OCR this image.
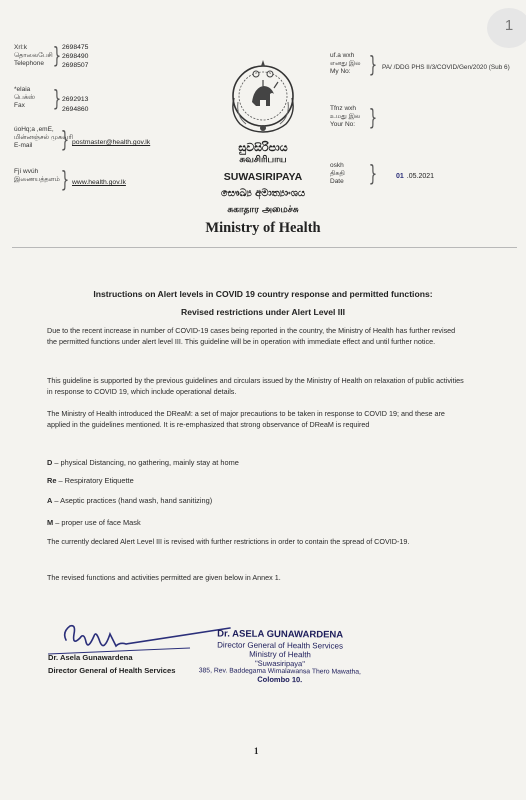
1
Xrl:k
தொலைபேசி
Telephone } 2698475
2698490
2698507
*elaia
பெக்ஸ்
Fax	} 2692913
2694860
úoHq;a ,emE,
மின்னஞ்சல் முகவரி
E-mail	} postmaster@health.gov.lk
Fjí wvúh
இணையத்தளம் } www.health.gov.lk
සුවසිරිපාය
சுவசிரிபாய
SUWASIRIPAYA
සෞඛ්‍ය අමාත්‍යාංශය
சுகாதார அமைச்சு
Ministry of Health
uf.a wxh
எனது இல
My No: } PA/ /DDG PHS II/3/COVID/Gen/2020 (Sub 6)
Tfnz wxh
உமது இல
Your No: }
oskh
திகதி
Date }	01 .05.2021
Instructions on Alert levels in COVID 19 country response and permitted functions:
Revised restrictions under Alert Level III
Due to the recent increase in number of COVID-19 cases being reported in the country, the Ministry of Health has further revised the permitted functions under alert level III. This guideline will be in operation with immediate effect and until further notice.
This guideline is supported by the previous guidelines and circulars issued by the Ministry of Health on relaxation of public activities in response to COVID 19, which include operational details.
The Ministry of Health introduced the DReaM: a set of major precautions to be taken in response to COVID 19; and these are applied in the guidelines mentioned. It is re-emphasized that strong observance of DReaM is required
D – physical Distancing, no gathering, mainly stay at home
Re – Respiratory Etiquette
A – Aseptic practices (hand wash, hand sanitizing)
M – proper use of face Mask
The currently declared Alert Level III is revised with further restrictions in order to contain the spread of COVID-19.
The revised functions and activities permitted are given below in Annex 1.
Dr. Asela Gunawardena
Director General of Health Services
Dr. ASELA GUNAWARDENA
Director General of Health Services
Ministry of Health
"Suwasiripaya"
385, Rev. Baddegama Wimalawansa Thero Mawatha,
Colombo 10.
1
